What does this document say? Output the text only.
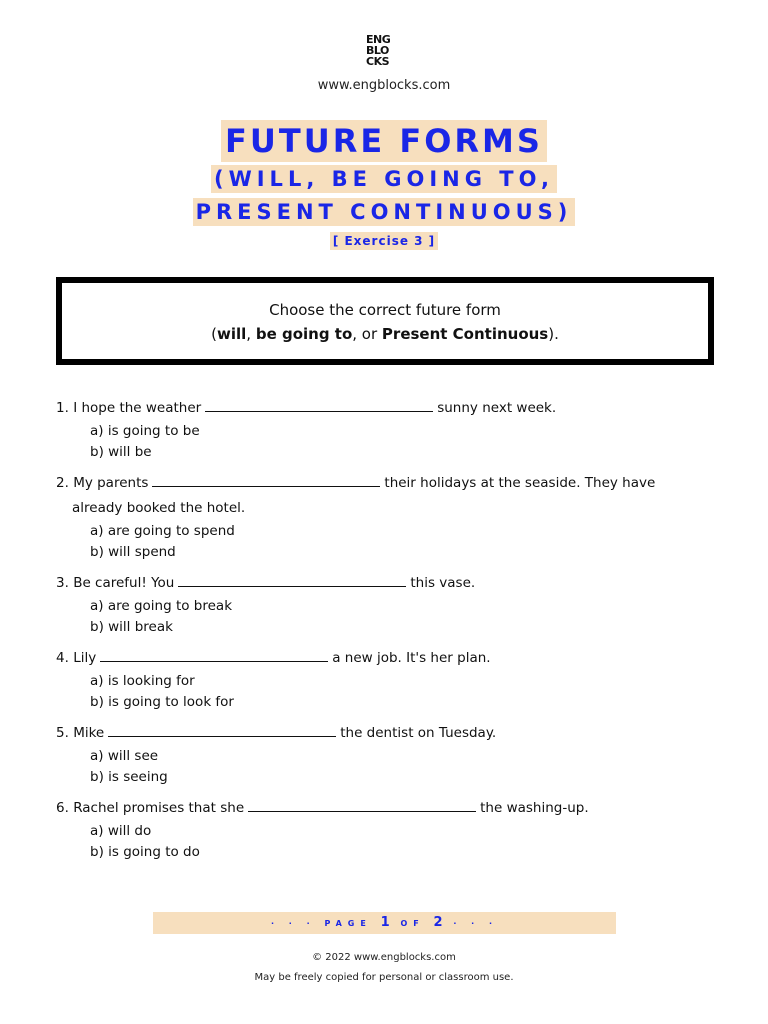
ENG
BLO
CKS
www.engblocks.com
FUTURE FORMS
(WILL, BE GOING TO,
PRESENT CONTINUOUS)
[ Exercise 3 ]
Choose the correct future form
(will, be going to, or Present Continuous).
1. I hope the weather	sunny next week.
a) is going to be
b) will be
2. My parents	their holidays at the seaside. They have
already booked the hotel.
a) are going to spend
b) will spend
3. Be careful! You	this vase.
a) are going to break
b) will break
4. Lily	a new job. It's her plan.
a) is looking for
b) is going to look for
5. Mike	the dentist on Tuesday.
a) will see
b) is seeing
6. Rachel promises that she	the washing-up.
a) will do
b) is going to do
· · · PAGE 1 OF 2 · · ·
© 2022 www.engblocks.com
May be freely copied for personal or classroom use.
